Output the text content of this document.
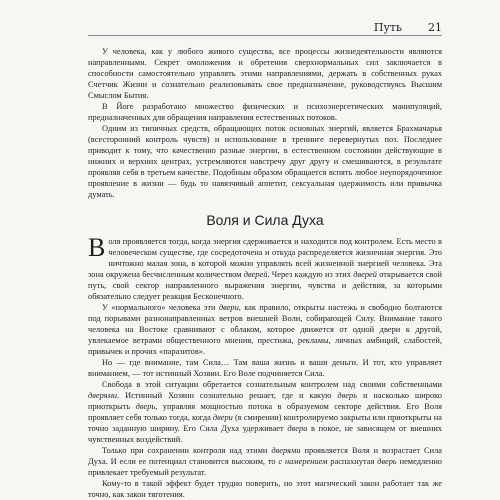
Путь 21

У человека, как у любого живого существа, все процессы жизнедеятельности являются направленными. Секрет омоложения и обретения сверхнормальных сил заключается в способности самостоятельно управлять этими направлениями, держать в собственных руках Счетчик Жизни и сознательно реализовывать свое предназначение, руководствуясь Высшим Смыслом Бытия.

В Йоге разработано множество физических и психоэнергетических манипуляций, предназначенных для обращения направления естественных потоков.

Одним из типичных средств, обращающих поток основных энергий, является Брахмачарья (всесторонний контроль чувств) и использование в тренинге перевернутых поз. Последнее приводит к тому, что качественно разные энергии, в естественном состоянии действующие в нижних и верхних центрах, устремляются навстречу друг другу и смешиваются, в результате проявляя себя в третьем качестве. Подобным образом обращается вспять любое неупорядоченное проявление в жизни — будь то навязчивый аппетит, сексуальная одержимость или привычка думать.

Воля и Сила Духа

Воля проявляется тогда, когда энергия сдерживается и находится под контролем. Есть место в человеческом существе, где сосредоточена и откуда распределяется жизненная энергия. Это ничтожно малая зона, в которой можно управлять всей жизненной энергией человека. Эта зона окружена бесчисленным количеством дверей. Через каждую из этих дверей открывается свой путь, свой сектор направленного выражения энергии, чувства и действия, за которыми обязательно следует реакция Бесконечного.

У «нормального» человека эти двери, как правило, открыты настежь и свободно болтаются под порывами разнонаправленных ветров внешней Воли, собирающей Силу. Внимание такого человека на Востоке сравнивают с облаком, которое движется от одной двери к другой, увлекаемое ветрами общественного мнения, престижа, рекламы, личных амбиций, слабостей, привычек и прочих «паразитов».

Но — где внимание, там Сила… Там ваша жизнь и ваши деньги. И тот, кто управляет вниманием, — тот истинный Хозяин. Его Воле подчиняется Сила.

Свобода в этой ситуации обретается сознательным контролем над своими собственными дверями. Истинный Хозяин сознательно решает, где и какую дверь и насколько широко приоткрыть дверь, управляя мощностью потока в образуемом секторе действия. Его Воля проявляет себя только тогда, когда двери (в смирении) контролируемо закрыты или приоткрыты на точно заданную ширину. Его Сила Духа удерживает двери в покое, не зависящем от внешних чувственных воздействий.

Только при сохранении контроля над этими дверями проявляется Воля и возрастает Сила Духа. И если ее потенциал становится высоким, то с намерением распахнутая дверь немедленно привлекает требуемый результат.

Кому-то в такой эффект будет трудно поверить, но этот магический закон работает так же точно, как закон тяготения.
